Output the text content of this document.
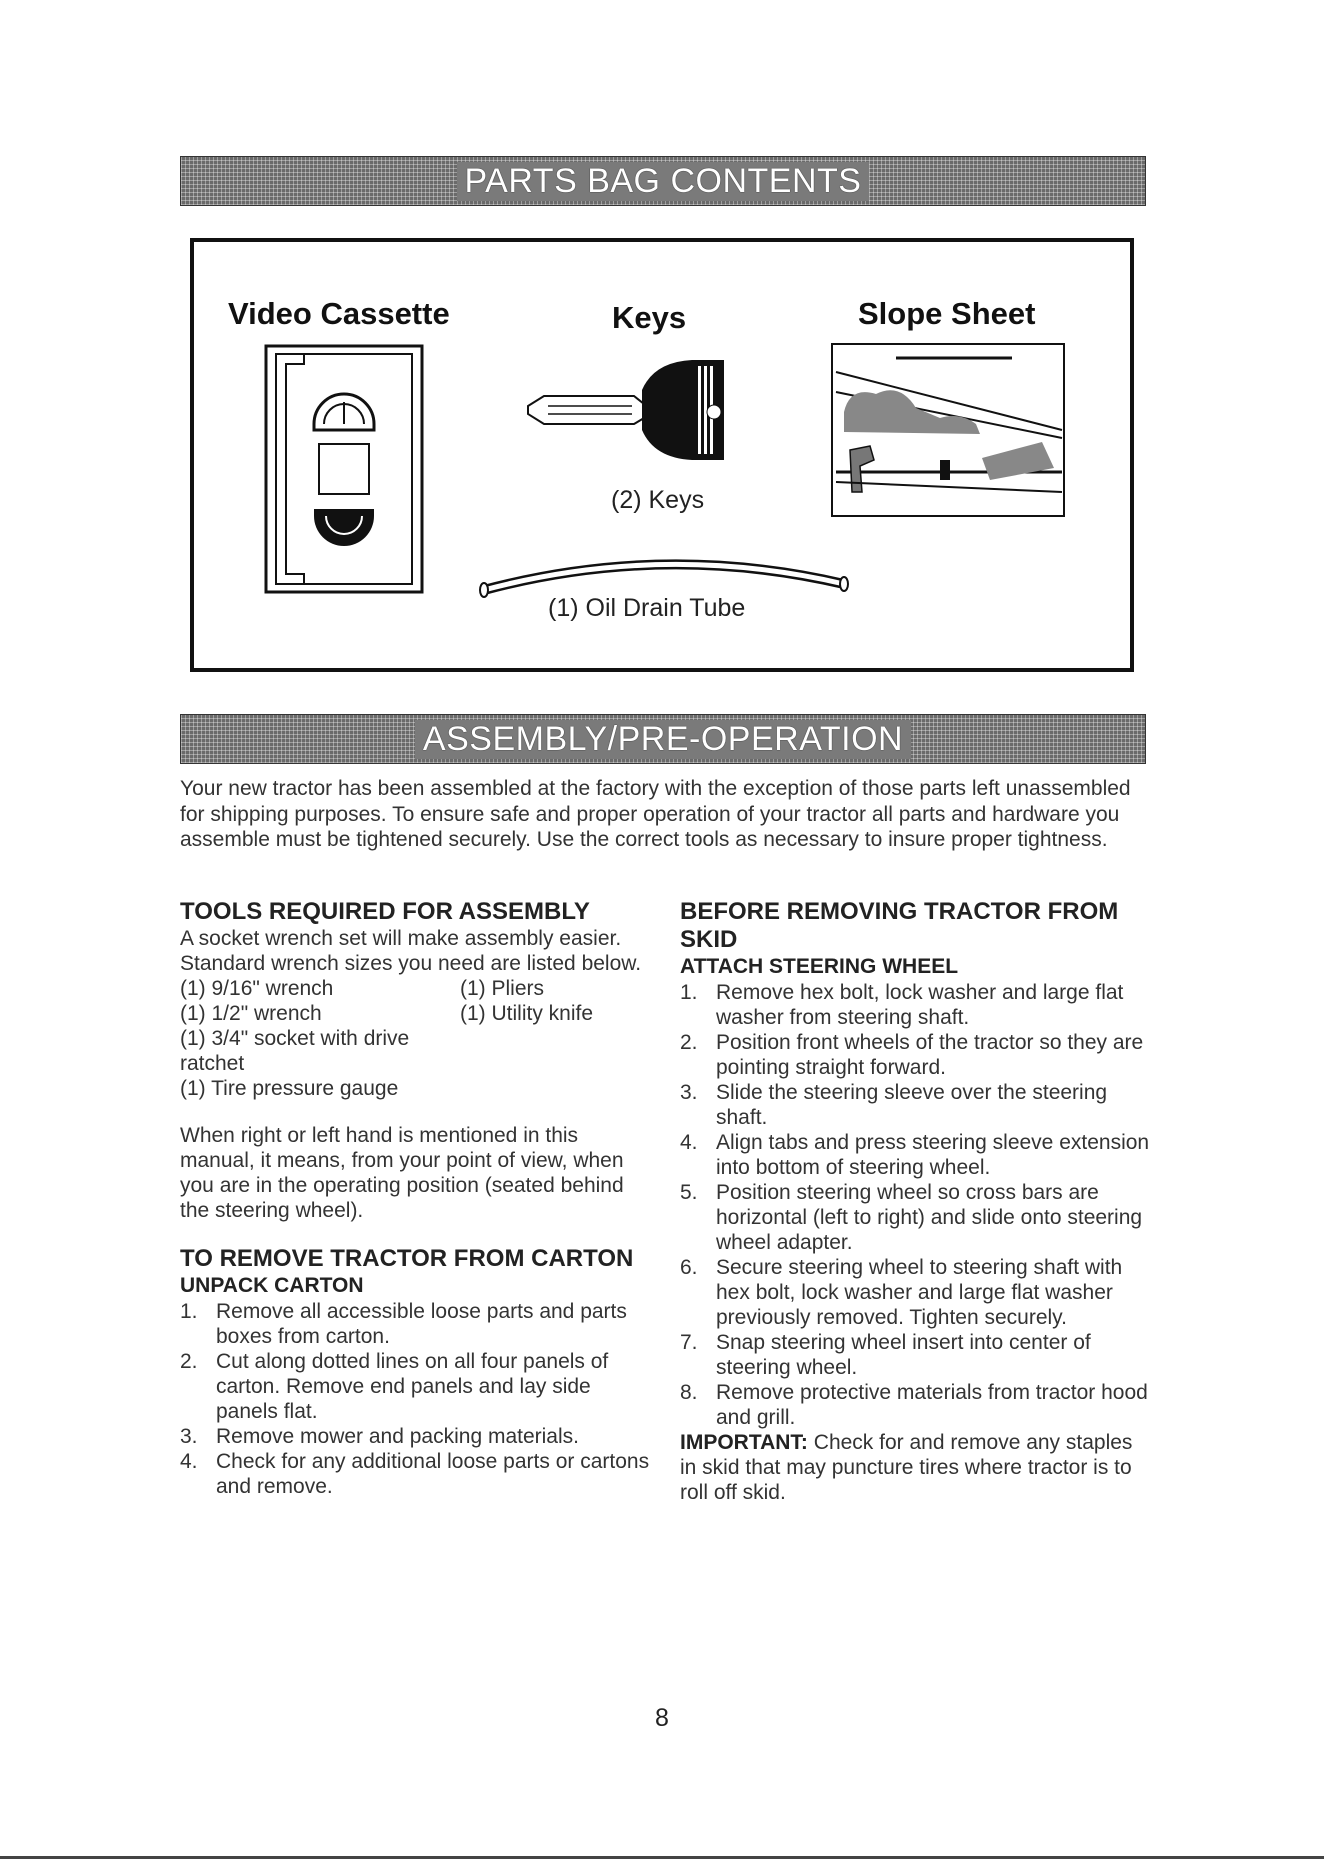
PARTS BAG CONTENTS
Video Cassette	Keys	Slope Sheet
(2) Keys
(1) Oil Drain Tube
ASSEMBLY/PRE-OPERATION

Your new tractor has been assembled at the factory with the exception of those parts left unassembled for shipping purposes. To ensure safe and proper operation of your tractor all parts and hardware you assemble must be tightened securely. Use the correct tools as necessary to insure proper tightness.

TOOLS REQUIRED FOR ASSEMBLY

A socket wrench set will make assembly easier. Standard wrench sizes you need are listed below.

(1) 9/16" wrench	(1) Pliers
(1) 1/2" wrench	(1) Utility knife
(1) 3/4" socket with drive ratchet
(1) Tire pressure gauge

When right or left hand is mentioned in this manual, it means, from your point of view, when you are in the operating position (seated behind the steering wheel).

TO REMOVE TRACTOR FROM CARTON
UNPACK CARTON
1. Remove all accessible loose parts and parts boxes from carton.
2. Cut along dotted lines on all four panels of carton. Remove end panels and lay side panels flat.
3. Remove mower and packing materials.
4. Check for any additional loose parts or cartons and remove.
BEFORE REMOVING TRACTOR FROM SKID
ATTACH STEERING WHEEL
1. Remove hex bolt, lock washer and large flat washer from steering shaft.
2. Position front wheels of the tractor so they are pointing straight forward.
3. Slide the steering sleeve over the steering shaft.
4. Align tabs and press steering sleeve extension into bottom of steering wheel.
5. Position steering wheel so cross bars are horizontal (left to right) and slide onto steering wheel adapter.
6. Secure steering wheel to steering shaft with hex bolt, lock washer and large flat washer previously removed. Tighten securely.
7. Snap steering wheel insert into center of steering wheel.
8. Remove protective materials from tractor hood and grill.

IMPORTANT: Check for and remove any staples in skid that may puncture tires where tractor is to roll off skid.

8
